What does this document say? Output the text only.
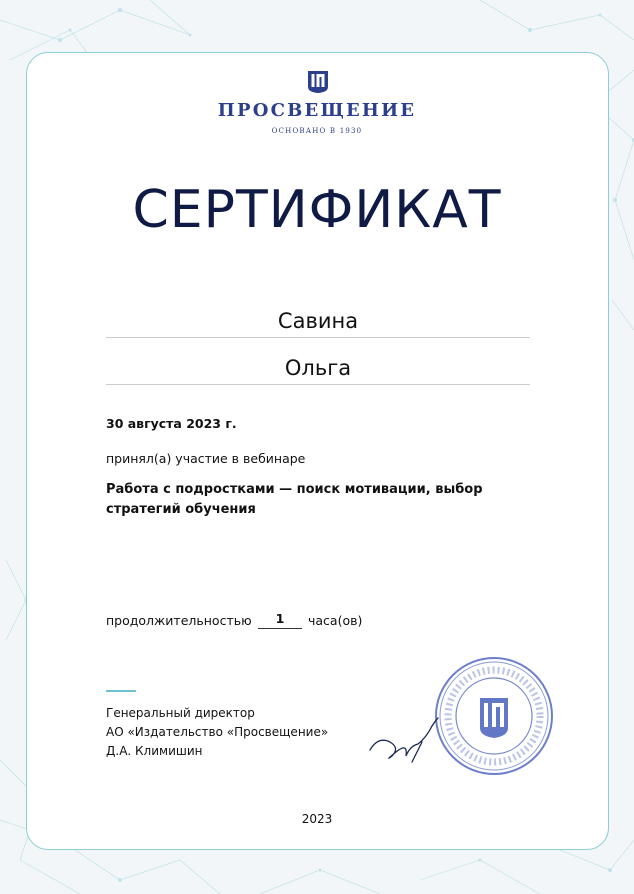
ПРОСВЕЩЕНИЕ
ОСНОВАНО В 1930
СЕРТИФИКАТ
Савина
Ольга
30 августа 2023 г.
принял(а) участие в вебинаре
Работа с подростками — поиск мотивации, выбор стратегий обучения
продолжительностью	1	часа(ов)
Генеральный директор
АО «Издательство «Просвещение»
Д.А. Климишин
2023
